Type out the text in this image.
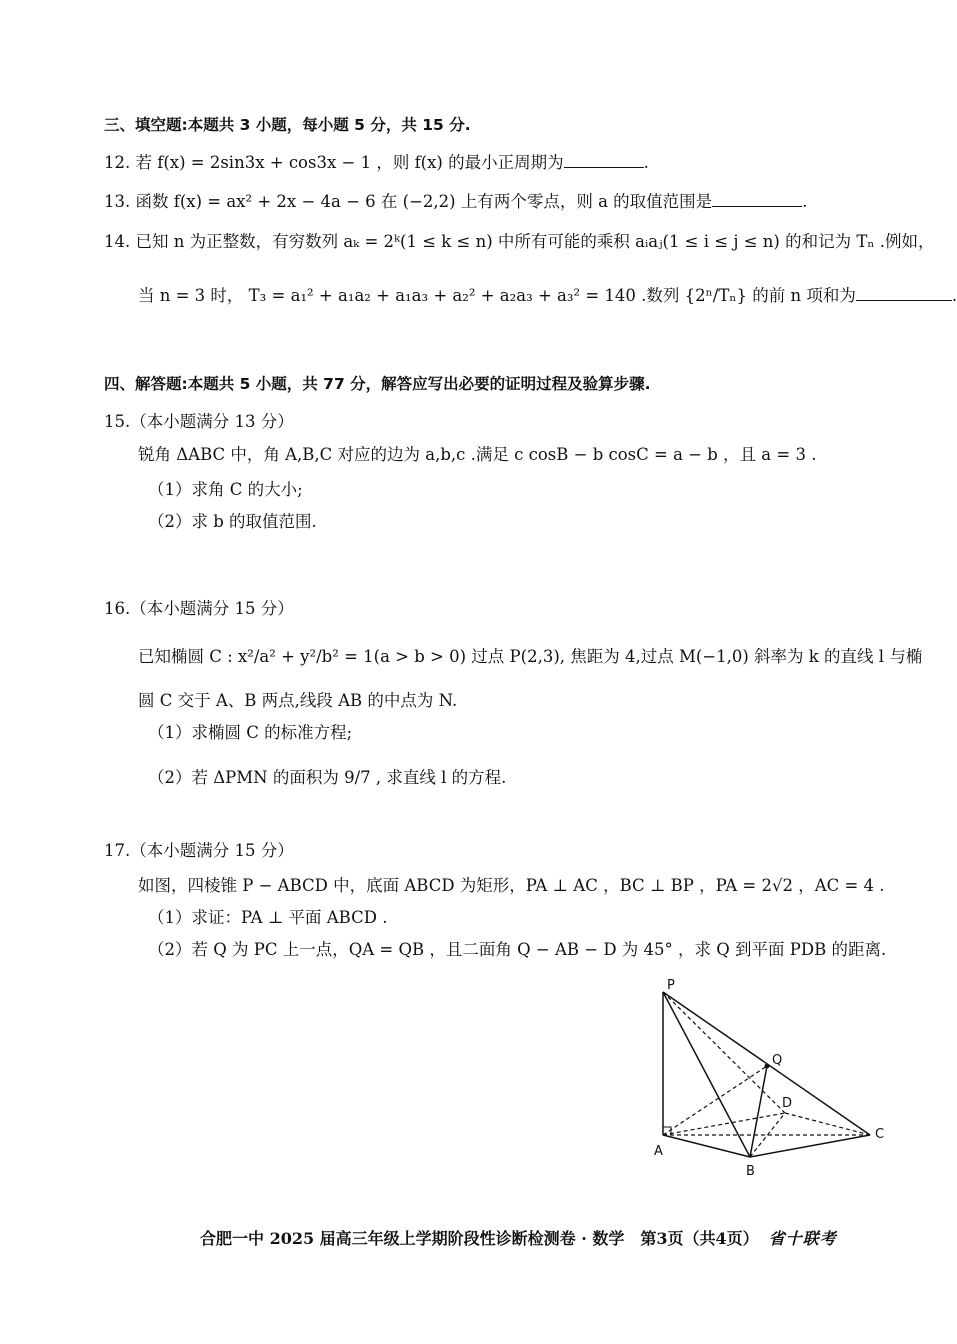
三、填空题:本题共 3 小题，每小题 5 分，共 15 分.
12. 若 f(x) = 2sin3x + cos3x − 1 ，则 f(x) 的最小正周期为	.
13. 函数 f(x) = ax² + 2x − 4a − 6 在 (−2,2) 上有两个零点，则 a 的取值范围是	.
14. 已知 n 为正整数，有穷数列 aₖ = 2ᵏ(1 ≤ k ≤ n) 中所有可能的乘积 aᵢaⱼ(1 ≤ i ≤ j ≤ n) 的和记为 Tₙ .例如，
当 n = 3 时， T₃ = a₁² + a₁a₂ + a₁a₃ + a₂² + a₂a₃ + a₃² = 140 .数列 {2ⁿ/Tₙ} 的前 n 项和为	.
四、解答题:本题共 5 小题，共 77 分，解答应写出必要的证明过程及验算步骤.
15.（本小题满分 13 分）
锐角 ΔABC 中，角 A,B,C 对应的边为 a,b,c .满足 c cosB − b cosC = a − b ，且 a = 3 .
（1）求角 C 的大小;
（2）求 b 的取值范围.
16.（本小题满分 15 分）
已知椭圆 C : x²/a² + y²/b² = 1(a > b > 0) 过点 P(2,3), 焦距为 4,过点 M(−1,0) 斜率为 k 的直线 l 与椭
圆 C 交于 A、B 两点,线段 AB 的中点为 N.
（1）求椭圆 C 的标准方程;
（2）若 ΔPMN 的面积为 9/7 , 求直线 l 的方程.
17.（本小题满分 15 分）
如图，四棱锥 P − ABCD 中，底面 ABCD 为矩形，PA ⊥ AC ，BC ⊥ BP ，PA = 2√2 ，AC = 4 .
（1）求证：PA ⊥ 平面 ABCD .
（2）若 Q 为 PC 上一点，QA = QB ，且二面角 Q − AB − D 为 45° ，求 Q 到平面 PDB 的距离.
P
Q
D
A
B
C
合肥一中 2025 届高三年级上学期阶段性诊断检测卷 · 数学　第3页（共4页） 省十联考
